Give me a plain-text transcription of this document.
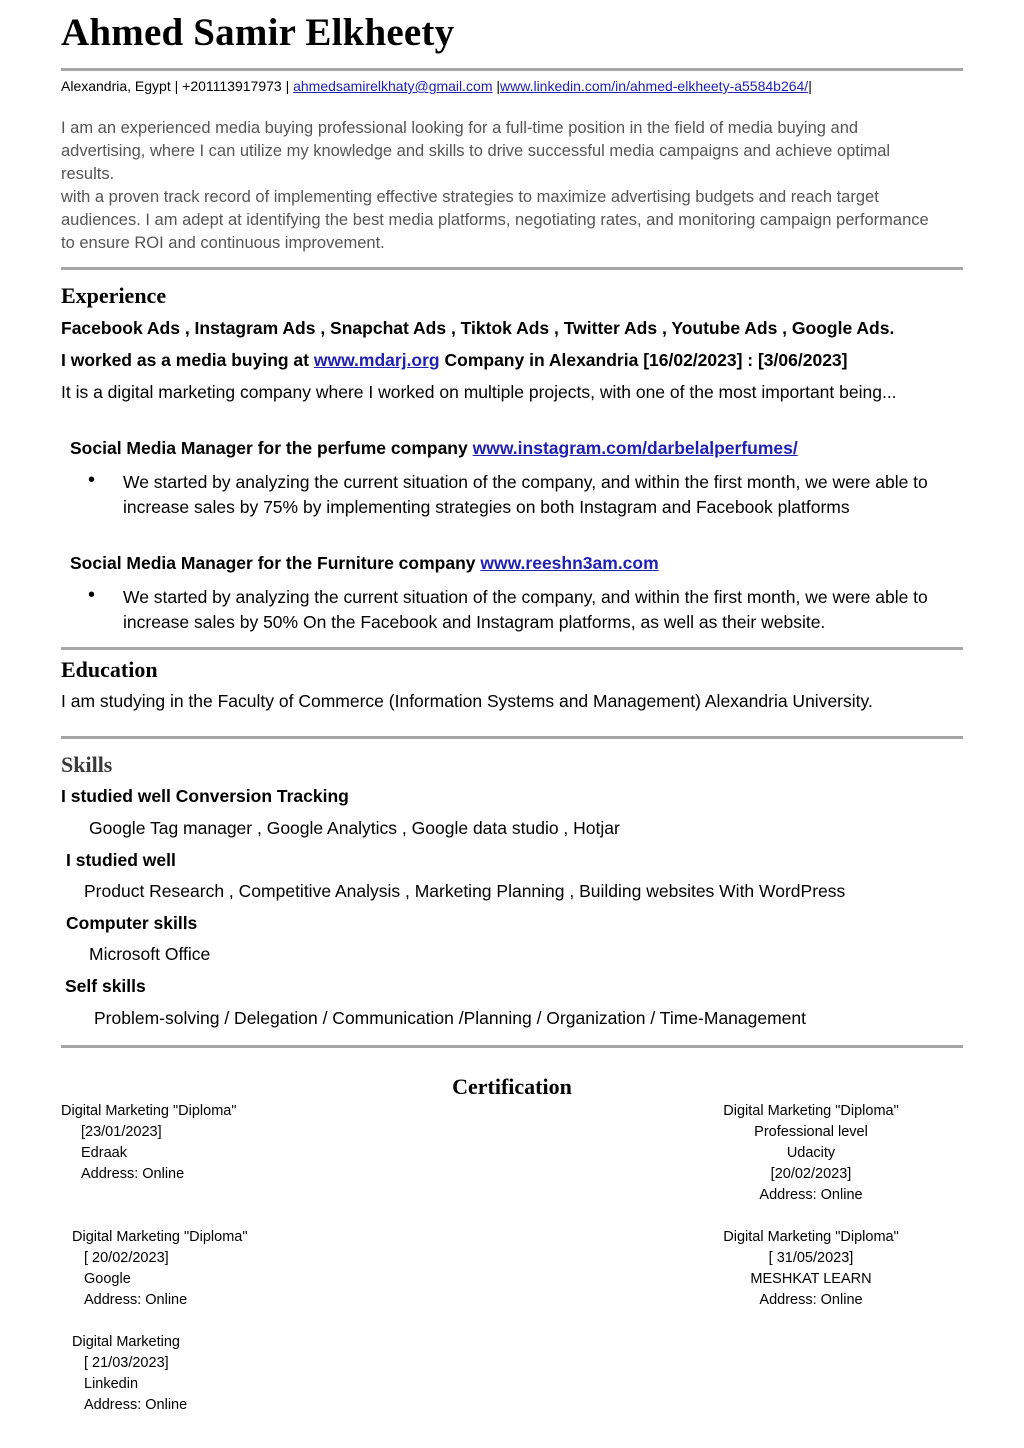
Ahmed Samir Elkheety
Alexandria, Egypt | +201113917973 | ahmedsamirelkhaty@gmail.com |www.linkedin.com/in/ahmed-elkheety-a5584b264/|

I am an experienced media buying professional looking for a full-time position in the field of media buying and advertising, where I can utilize my knowledge and skills to drive successful media campaigns and achieve optimal results.

with a proven track record of implementing effective strategies to maximize advertising budgets and reach target audiences. I am adept at identifying the best media platforms, negotiating rates, and monitoring campaign performance to ensure ROI and continuous improvement.

Experience
Facebook Ads , Instagram Ads , Snapchat Ads , Tiktok Ads , Twitter Ads , Youtube Ads , Google Ads.
I worked as a media buying at www.mdarj.org Company in Alexandria [16/02/2023] : [3/06/2023]
It is a digital marketing company where I worked on multiple projects, with one of the most important being...
Social Media Manager for the perfume company www.instagram.com/darbelalperfumes/
• We started by analyzing the current situation of the company, and within the first month, we were able to increase sales by 75% by implementing strategies on both Instagram and Facebook platforms
Social Media Manager for the Furniture company www.reeshn3am.com
• We started by analyzing the current situation of the company, and within the first month, we were able to increase sales by 50% On the Facebook and Instagram platforms, as well as their website.
Education
I am studying in the Faculty of Commerce (Information Systems and Management) Alexandria University.
Skills
I studied well Conversion Tracking
Google Tag manager , Google Analytics , Google data studio , Hotjar
I studied well
Product Research , Competitive Analysis , Marketing Planning , Building websites With WordPress
Computer skills
Microsoft Office
Self skills
Problem-solving / Delegation / Communication /Planning / Organization / Time-Management
Certification
Digital Marketing "Diploma"
[23/01/2023]
Edraak
Address: Online
Digital Marketing "Diploma"
Professional level
Udacity
[20/02/2023]
Address: Online
Digital Marketing "Diploma"
[ 20/02/2023]
Google
Address: Online
Digital Marketing "Diploma"
[ 31/05/2023]
MESHKAT LEARN
Address: Online
Digital Marketing
[ 21/03/2023]
Linkedin
Address: Online
